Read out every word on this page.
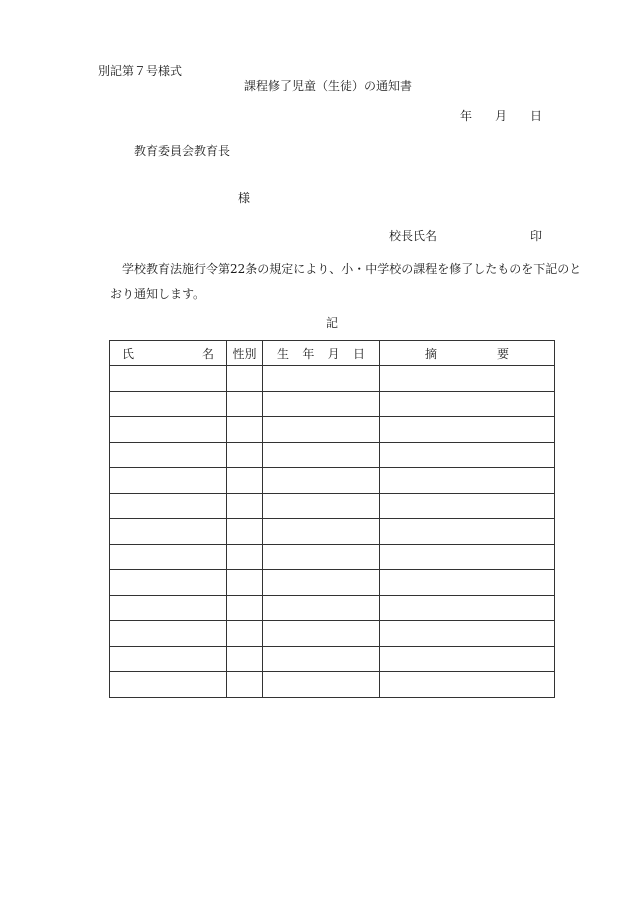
別記第７号様式
課程修了児童（生徒）の通知書
年 月 日
教育委員会教育長
様
校長氏名	印
学校教育法施行令第22条の規定により、小・中学校の課程を修了したものを下記のと
おり通知します。
記
氏 名	性別	生 年 月 日	摘 要
